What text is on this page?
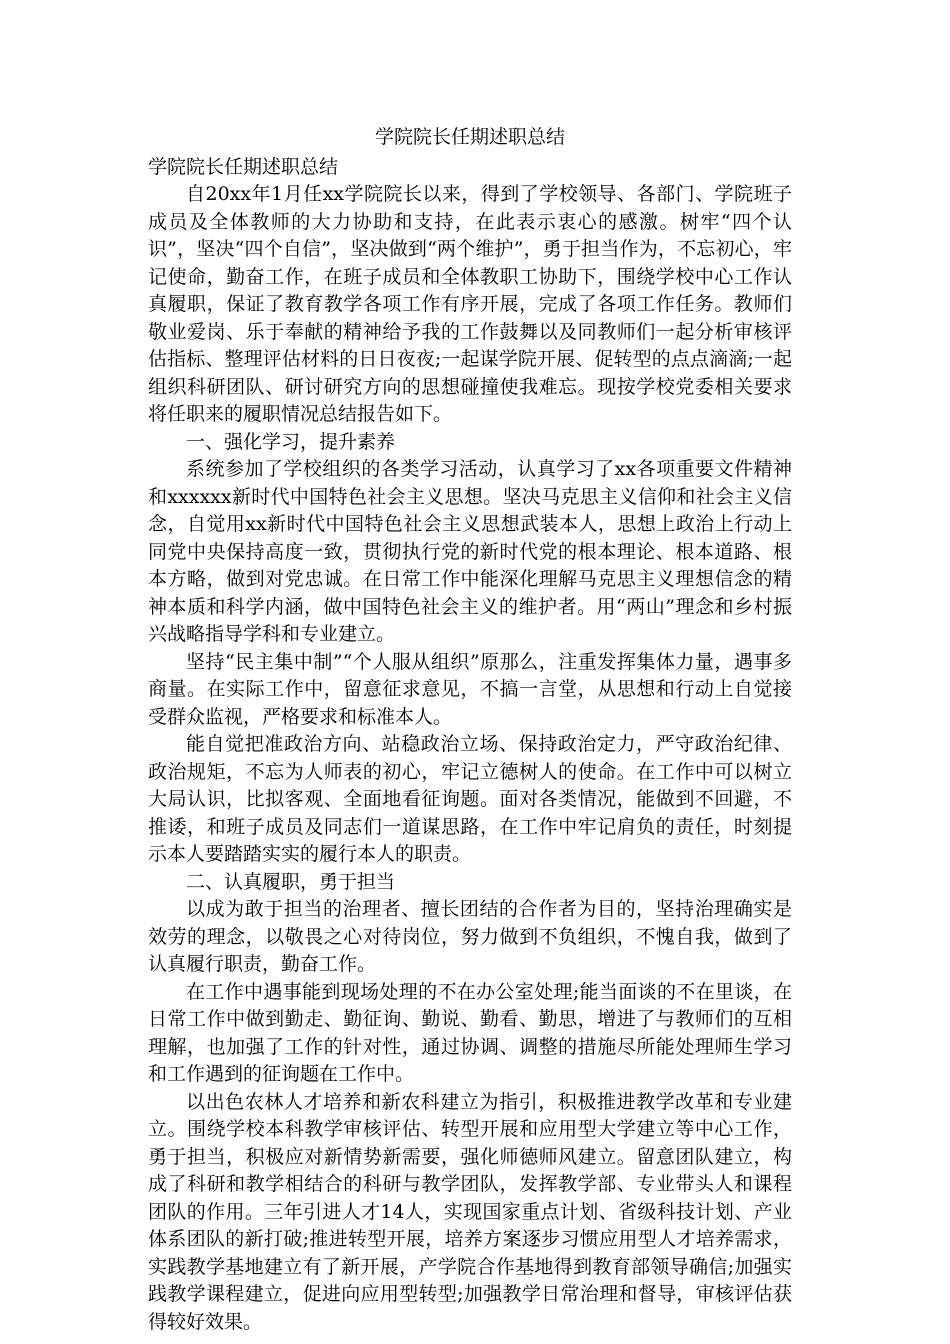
学院院长任期述职总结

学院院长任期述职总结

自20xx年1月任xx学院院长以来，得到了学校领导、各部门、学院班子成员及全体教师的大力协助和支持，在此表示衷心的感激。树牢“四个认识”，坚决“四个自信”，坚决做到“两个维护”，勇于担当作为，不忘初心，牢记使命，勤奋工作，在班子成员和全体教职工协助下，围绕学校中心工作认真履职，保证了教育教学各项工作有序开展，完成了各项工作任务。教师们敬业爱岗、乐于奉献的精神给予我的工作鼓舞以及同教师们一起分析审核评估指标、整理评估材料的日日夜夜;一起谋学院开展、促转型的点点滴滴;一起组织科研团队、研讨研究方向的思想碰撞使我难忘。现按学校党委相关要求将任职来的履职情况总结报告如下。

一、强化学习，提升素养

系统参加了学校组织的各类学习活动，认真学习了xx各项重要文件精神和xxxxxx新时代中国特色社会主义思想。坚决马克思主义信仰和社会主义信念，自觉用xx新时代中国特色社会主义思想武装本人，思想上政治上行动上同党中央保持高度一致，贯彻执行党的新时代党的根本理论、根本道路、根本方略，做到对党忠诚。在日常工作中能深化理解马克思主义理想信念的精神本质和科学内涵，做中国特色社会主义的维护者。用“两山”理念和乡村振兴战略指导学科和专业建立。

坚持“民主集中制”“个人服从组织”原那么，注重发挥集体力量，遇事多商量。在实际工作中，留意征求意见，不搞一言堂，从思想和行动上自觉接受群众监视，严格要求和标准本人。

能自觉把准政治方向、站稳政治立场、保持政治定力，严守政治纪律、政治规矩，不忘为人师表的初心，牢记立德树人的使命。在工作中可以树立大局认识，比拟客观、全面地看征询题。面对各类情况，能做到不回避，不推诿，和班子成员及同志们一道谋思路，在工作中牢记肩负的责任，时刻提示本人要踏踏实实的履行本人的职责。

二、认真履职，勇于担当

以成为敢于担当的治理者、擅长团结的合作者为目的，坚持治理确实是效劳的理念，以敬畏之心对待岗位，努力做到不负组织，不愧自我，做到了认真履行职责，勤奋工作。

在工作中遇事能到现场处理的不在办公室处理;能当面谈的不在里谈，在日常工作中做到勤走、勤征询、勤说、勤看、勤思，增进了与教师们的互相理解，也加强了工作的针对性，通过协调、调整的措施尽所能处理师生学习和工作遇到的征询题在工作中。

以出色农林人才培养和新农科建立为指引，积极推进教学改革和专业建立。围绕学校本科教学审核评估、转型开展和应用型大学建立等中心工作，勇于担当，积极应对新情势新需要，强化师德师风建立。留意团队建立，构成了科研和教学相结合的科研与教学团队，发挥教学部、专业带头人和课程团队的作用。三年引进人才14人，实现国家重点计划、省级科技计划、产业体系团队的新打破;推进转型开展，培养方案逐步习惯应用型人才培养需求，实践教学基地建立有了新开展，产学院合作基地得到教育部领导确信;加强实践教学课程建立，促进向应用型转型;加强教学日常治理和督导，审核评估获得较好效果。
